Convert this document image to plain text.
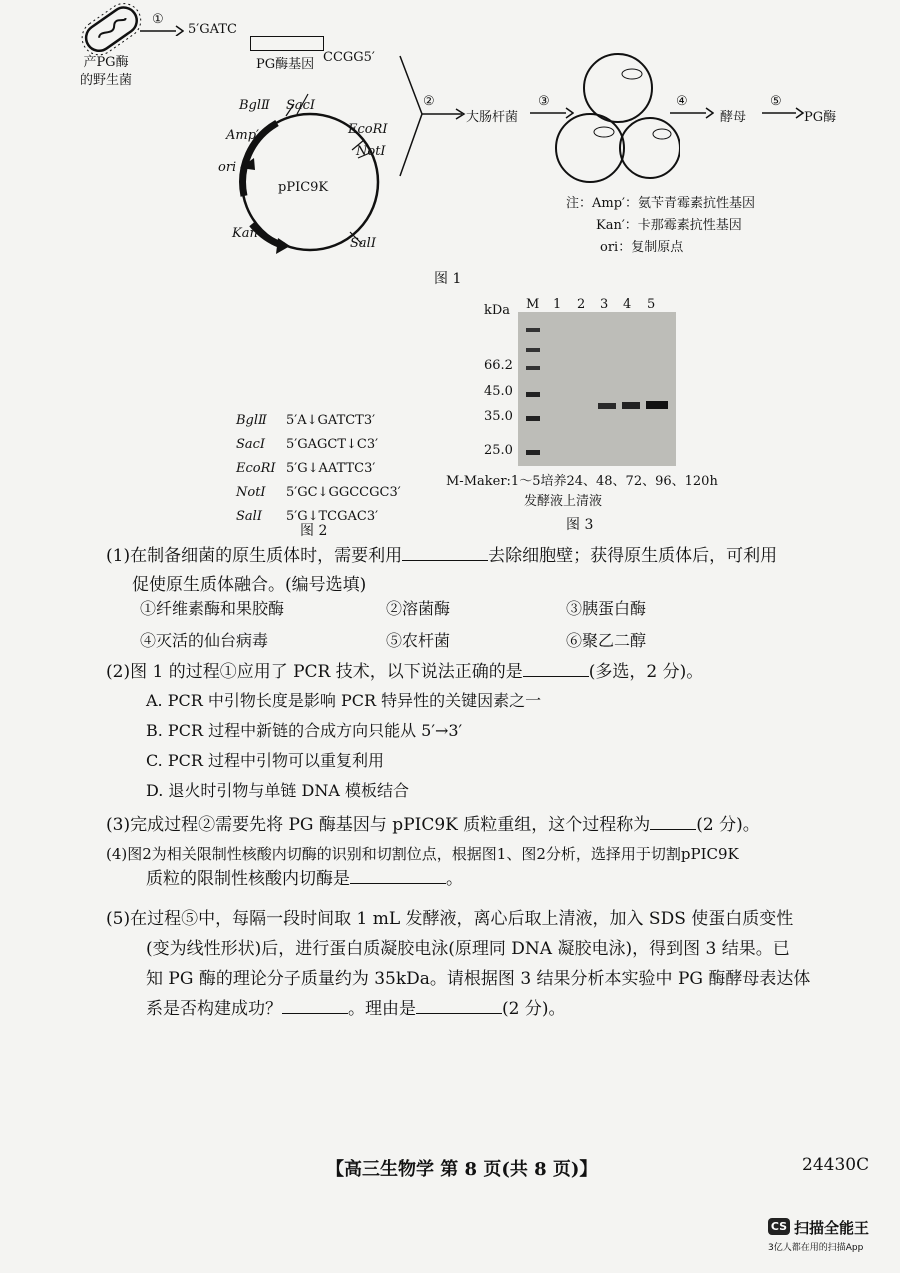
产PG酶
的野生菌
①
5′GATC
PG酶基因 CCGG5′
BglⅡ SacⅠ
EcoRⅠ
NotⅠ
SalⅠ
Amp′
ori
Kan′
pPIC9K
②
大肠杆菌
③	④
酵母
⑤
PG酶
注：Amp′：氨苄青霉素抗性基因
Kan′：卡那霉素抗性基因
ori：复制原点
图 1
BglⅡ 5′A↓GATCT3′
SacⅠ 5′GAGCT↓C3′
EcoRⅠ 5′G↓AATTC3′
NotⅠ 5′GC↓GGCCGC3′
SalⅠ 5′G↓TCGAC3′
图 2
kDa M 1 2 3 4 5
66.2
45.0
35.0
25.0
M-Maker:1～5培养24、48、72、96、120h
发酵液上清液
图 3
(1)在制备细菌的原生质体时，需要利用	去除细胞壁；获得原生质体后，可利用
促使原生质体融合。(编号选填)
①纤维素酶和果胶酶	②溶菌酶	③胰蛋白酶
④灭活的仙台病毒	⑤农杆菌	⑥聚乙二醇
(2)图 1 的过程①应用了 PCR 技术，以下说法正确的是	(多选，2 分)。
A. PCR 中引物长度是影响 PCR 特异性的关键因素之一
B. PCR 过程中新链的合成方向只能从 5′→3′
C. PCR 过程中引物可以重复利用
D. 退火时引物与单链 DNA 模板结合
(3)完成过程②需要先将 PG 酶基因与 pPIC9K 质粒重组，这个过程称为	(2 分)。
(4)图2为相关限制性核酸内切酶的识别和切割位点，根据图1、图2分析，选择用于切割pPIC9K
质粒的限制性核酸内切酶是	。
(5)在过程⑤中，每隔一段时间取 1 mL 发酵液，离心后取上清液，加入 SDS 使蛋白质变性
(变为线性形状)后，进行蛋白质凝胶电泳(原理同 DNA 凝胶电泳)，得到图 3 结果。已
知 PG 酶的理论分子质量约为 35kDa。请根据图 3 结果分析本实验中 PG 酶酵母表达体
系是否构建成功？	。理由是	(2 分)。
【高三生物学 第 8 页(共 8 页)】	24430C
CS 扫描全能王
3亿人都在用的扫描App
